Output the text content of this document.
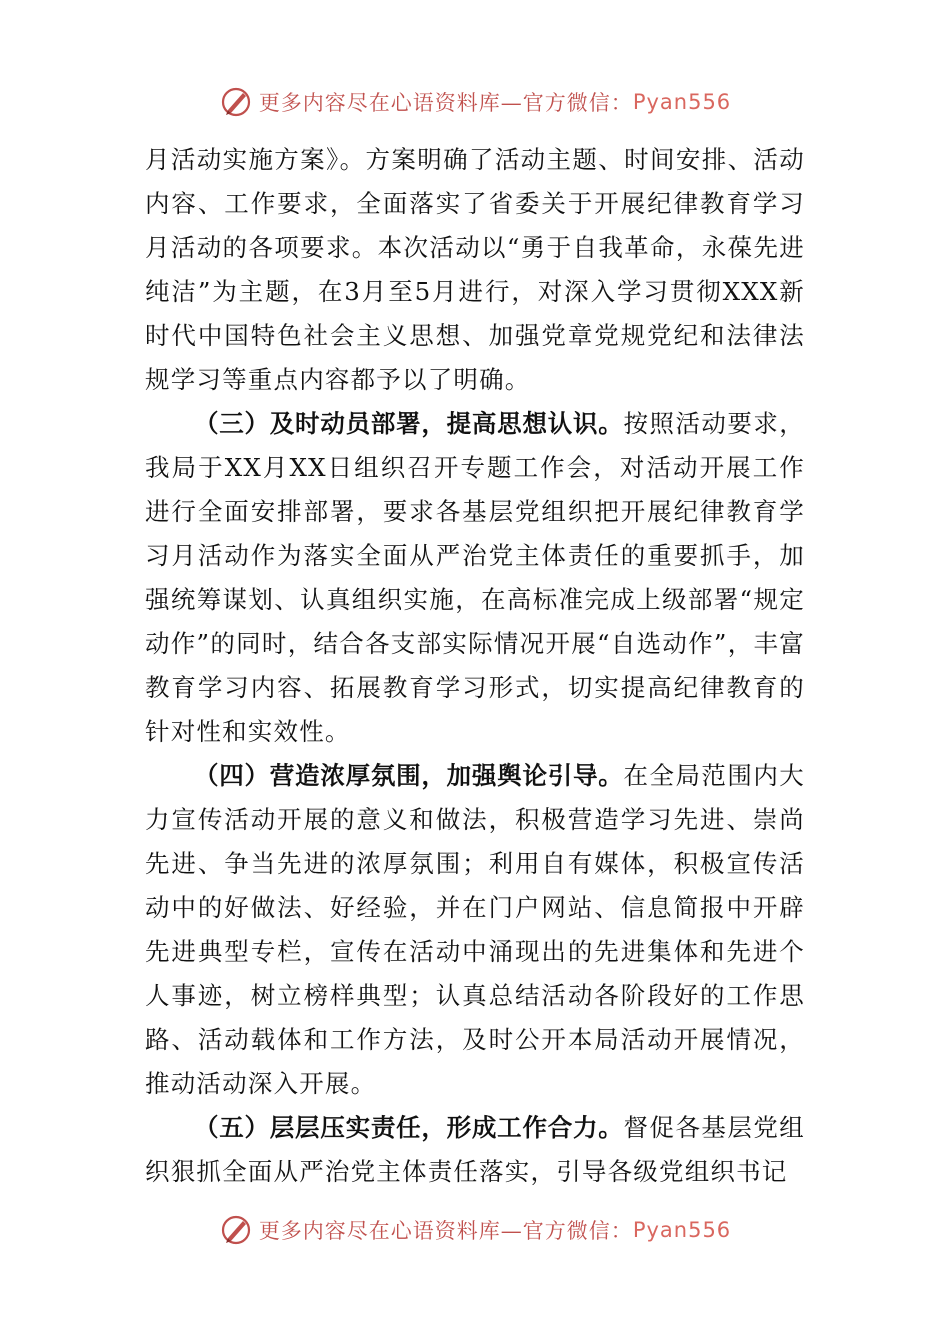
更多内容尽在心语资料库—官方微信： Pyan556

月活动实施方案》。方案明确了活动主题、时间安排、活动内容、工作要求，全面落实了省委关于开展纪律教育学习月活动的各项要求。本次活动以“勇于自我革命，永葆先进纯洁”为主题，在3月至5月进行，对深入学习贯彻XXX新时代中国特色社会主义思想、加强党章党规党纪和法律法规学习等重点内容都予以了明确。

（三）及时动员部署，提高思想认识。按照活动要求，我局于XX月XX日组织召开专题工作会，对活动开展工作进行全面安排部署，要求各基层党组织把开展纪律教育学习月活动作为落实全面从严治党主体责任的重要抓手，加强统筹谋划、认真组织实施，在高标准完成上级部署“规定动作”的同时，结合各支部实际情况开展“自选动作”，丰富教育学习内容、拓展教育学习形式，切实提高纪律教育的针对性和实效性。

（四）营造浓厚氛围，加强舆论引导。在全局范围内大力宣传活动开展的意义和做法，积极营造学习先进、崇尚先进、争当先进的浓厚氛围；利用自有媒体，积极宣传活动中的好做法、好经验，并在门户网站、信息简报中开辟先进典型专栏，宣传在活动中涌现出的先进集体和先进个人事迹，树立榜样典型；认真总结活动各阶段好的工作思路、活动载体和工作方法，及时公开本局活动开展情况，推动活动深入开展。

（五）层层压实责任，形成工作合力。督促各基层党组织狠抓全面从严治党主体责任落实，引导各级党组织书记

更多内容尽在心语资料库—官方微信： Pyan556
